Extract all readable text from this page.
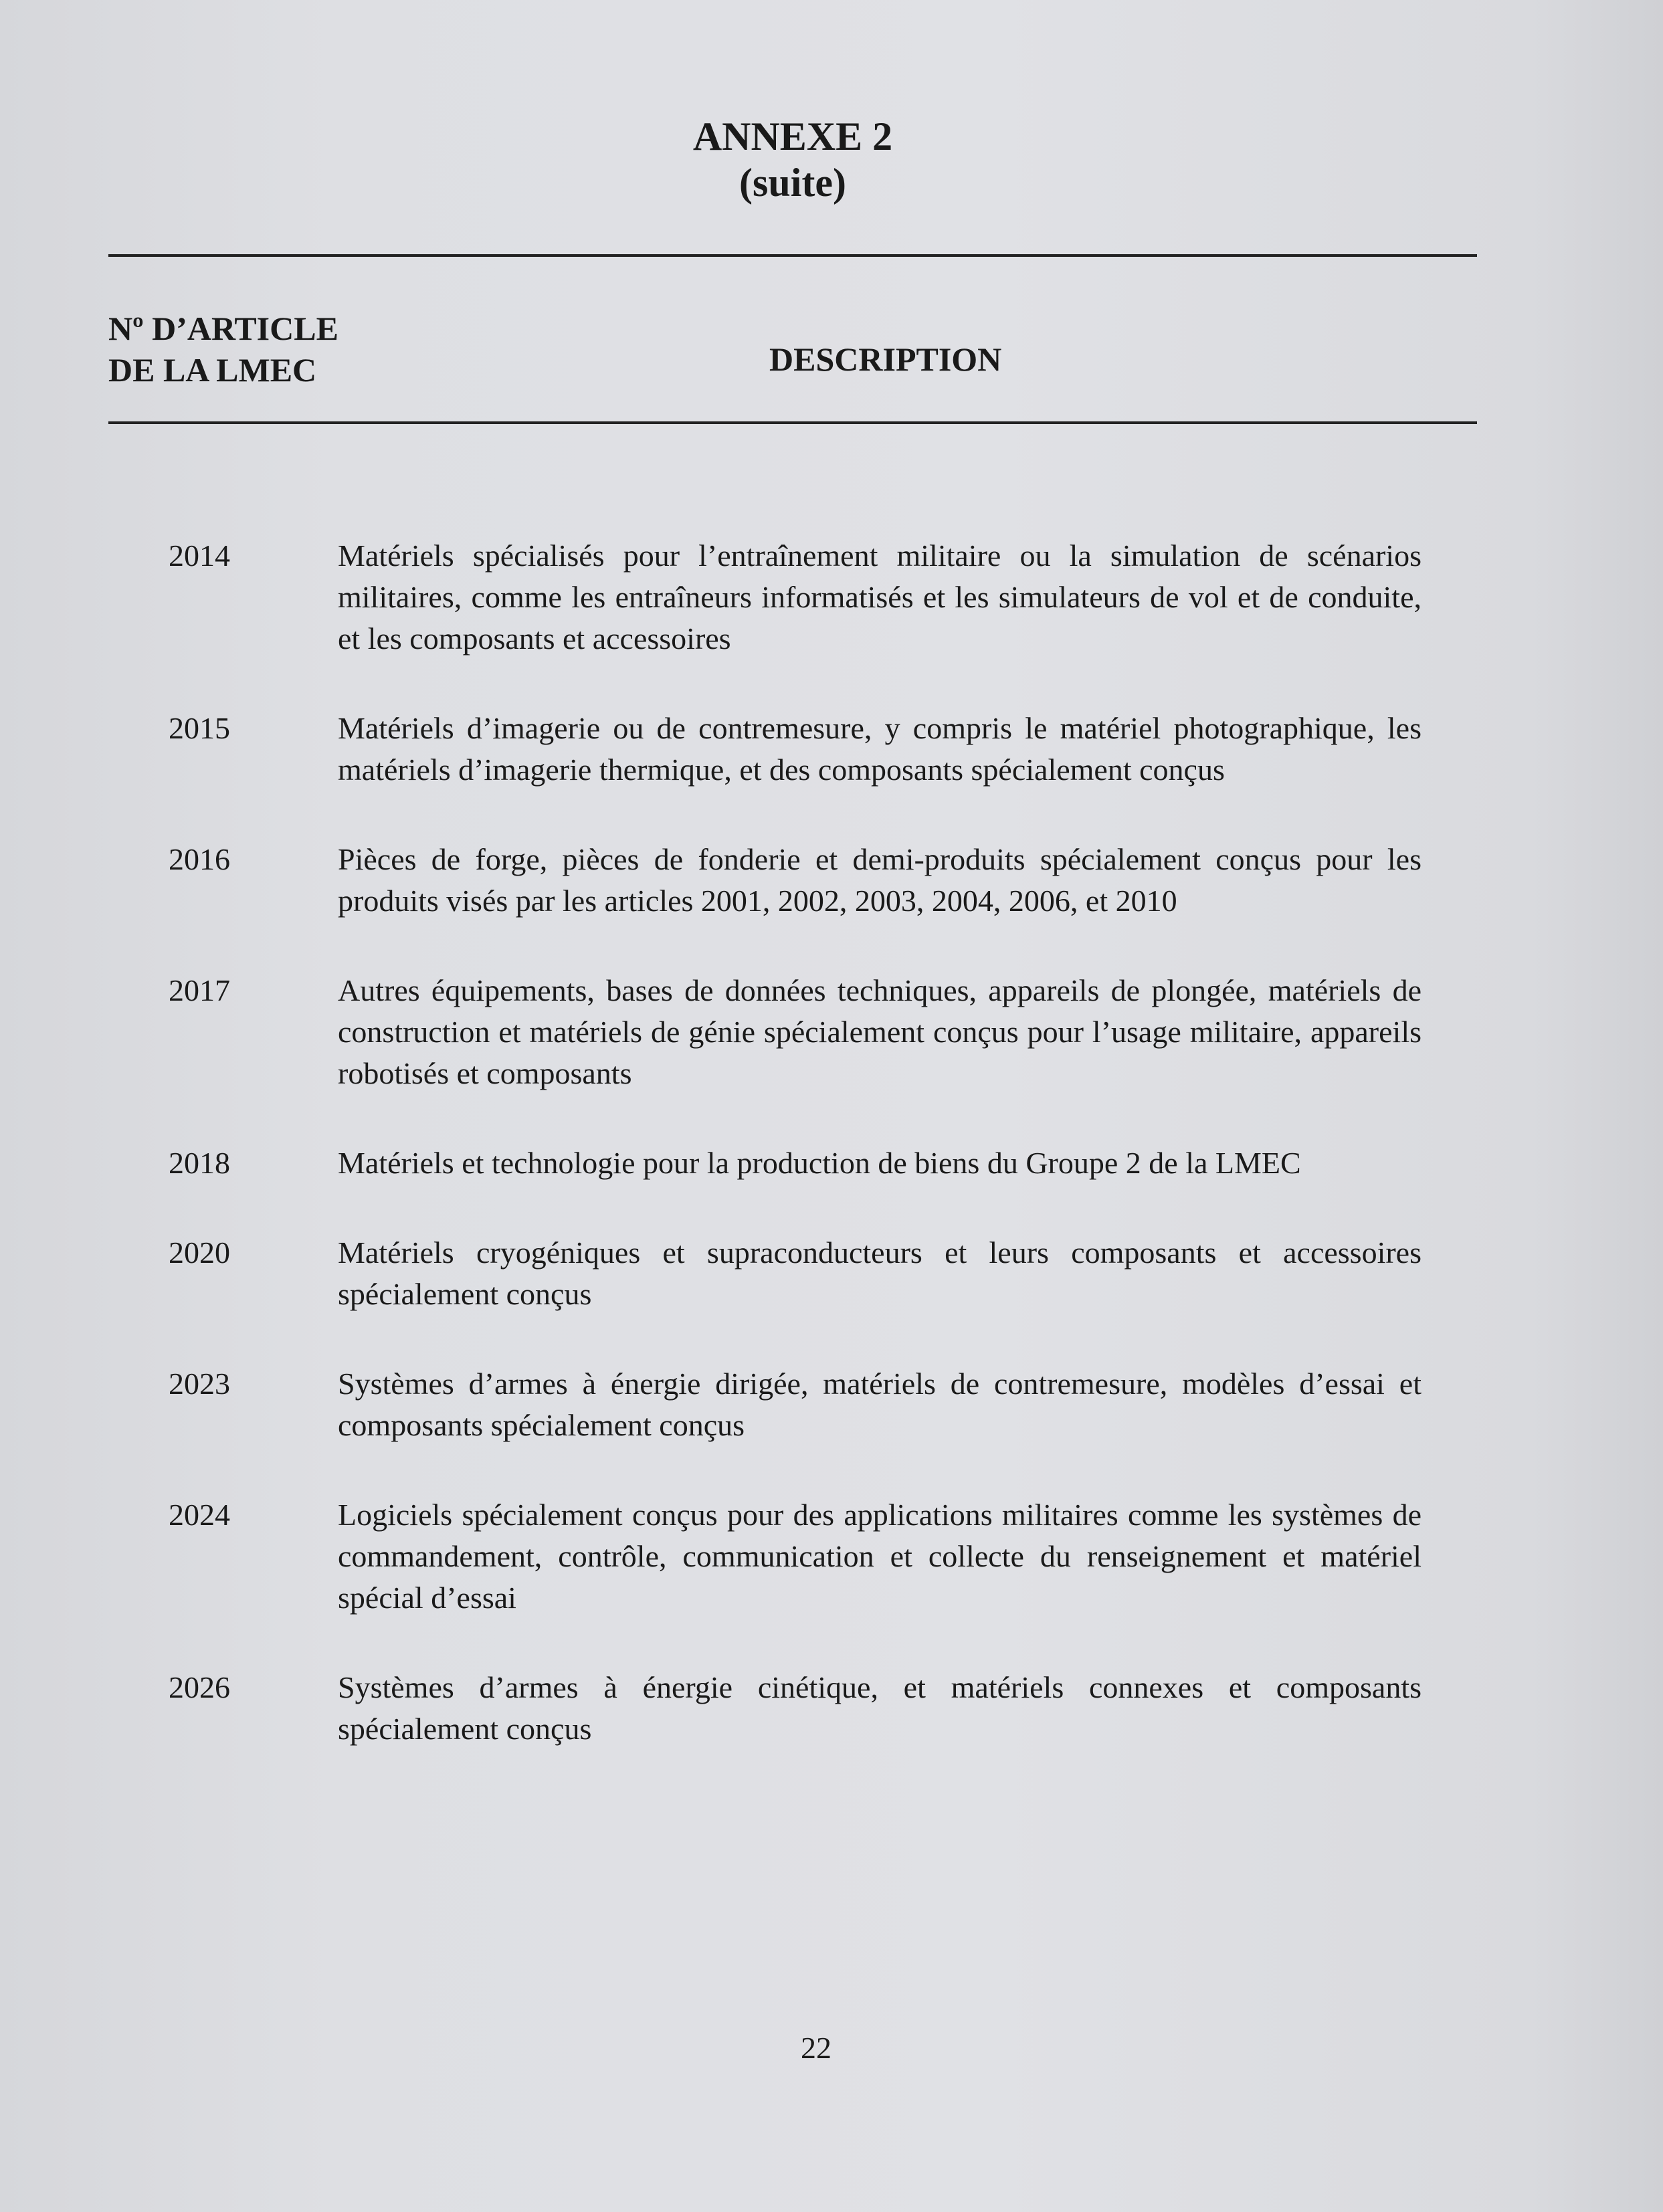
ANNEXE 2
(suite)
Nº D’ARTICLE
DE LA LMEC	DESCRIPTION
2014	Matériels spécialisés pour l’entraînement militaire ou la simulation de scénarios militaires, comme les entraîneurs informatisés et les simulateurs de vol et de conduite, et les composants et accessoires
2015	Matériels d’imagerie ou de contremesure, y compris le matériel photographique, les matériels d’imagerie thermique, et des composants spécialement conçus
2016	Pièces de forge, pièces de fonderie et demi-produits spécialement conçus pour les produits visés par les articles 2001, 2002, 2003, 2004, 2006, et 2010
2017	Autres équipements, bases de données techniques, appareils de plongée, matériels de construction et matériels de génie spécialement conçus pour l’usage militaire, appareils robotisés et composants
2018	Matériels et technologie pour la production de biens du Groupe 2 de la LMEC
2020	Matériels cryogéniques et supraconducteurs et leurs composants et accessoires spécialement conçus
2023	Systèmes d’armes à énergie dirigée, matériels de contremesure, modèles d’essai et composants spécialement conçus
2024	Logiciels spécialement conçus pour des applications militaires comme les systèmes de commandement, contrôle, communication et collecte du renseignement et matériel spécial d’essai
2026	Systèmes d’armes à énergie cinétique, et matériels connexes et composants spécialement conçus
22
